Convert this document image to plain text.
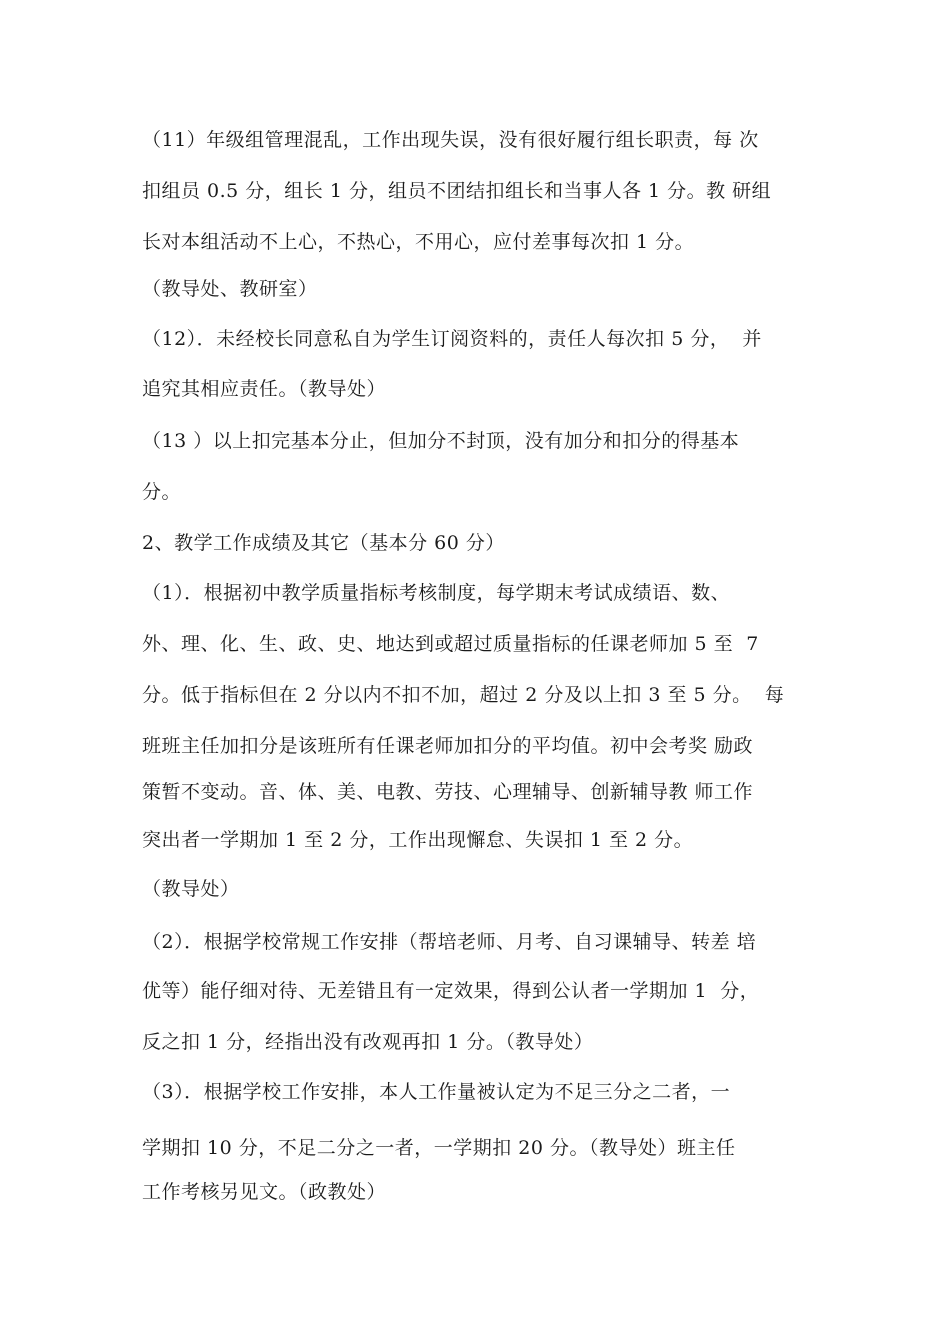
（11）年级组管理混乱，工作出现失误，没有很好履行组长职责，每 次
扣组员 0.5 分，组长 1 分，组员不团结扣组长和当事人各 1 分。教 研组
长对本组活动不上心，不热心，不用心，应付差事每次扣 1 分。
（教导处、教研室）
（12）．未经校长同意私自为学生订阅资料的，责任人每次扣 5 分，  并
追究其相应责任。（教导处）
（13 ）以上扣完基本分止，但加分不封顶，没有加分和扣分的得基本
分。
2、教学工作成绩及其它（基本分 60 分）
（1）．根据初中教学质量指标考核制度，每学期末考试成绩语、数、
外、理、化、生、政、史、地达到或超过质量指标的任课老师加 5 至  7
分。低于指标但在 2 分以内不扣不加，超过 2 分及以上扣 3 至 5 分。  每
班班主任加扣分是该班所有任课老师加扣分的平均值。初中会考奖 励政
策暂不变动。音、体、美、电教、劳技、心理辅导、创新辅导教 师工作
突出者一学期加 1 至 2 分，工作出现懈怠、失误扣 1 至 2 分。
（教导处）
（2）．根据学校常规工作安排（帮培老师、月考、自习课辅导、转差 培
优等）能仔细对待、无差错且有一定效果，得到公认者一学期加 1  分，
反之扣 1 分，经指出没有改观再扣 1 分。（教导处）
（3）．根据学校工作安排，本人工作量被认定为不足三分之二者，一
学期扣 10 分，不足二分之一者，一学期扣 20 分。（教导处）班主任
工作考核另见文。（政教处）
